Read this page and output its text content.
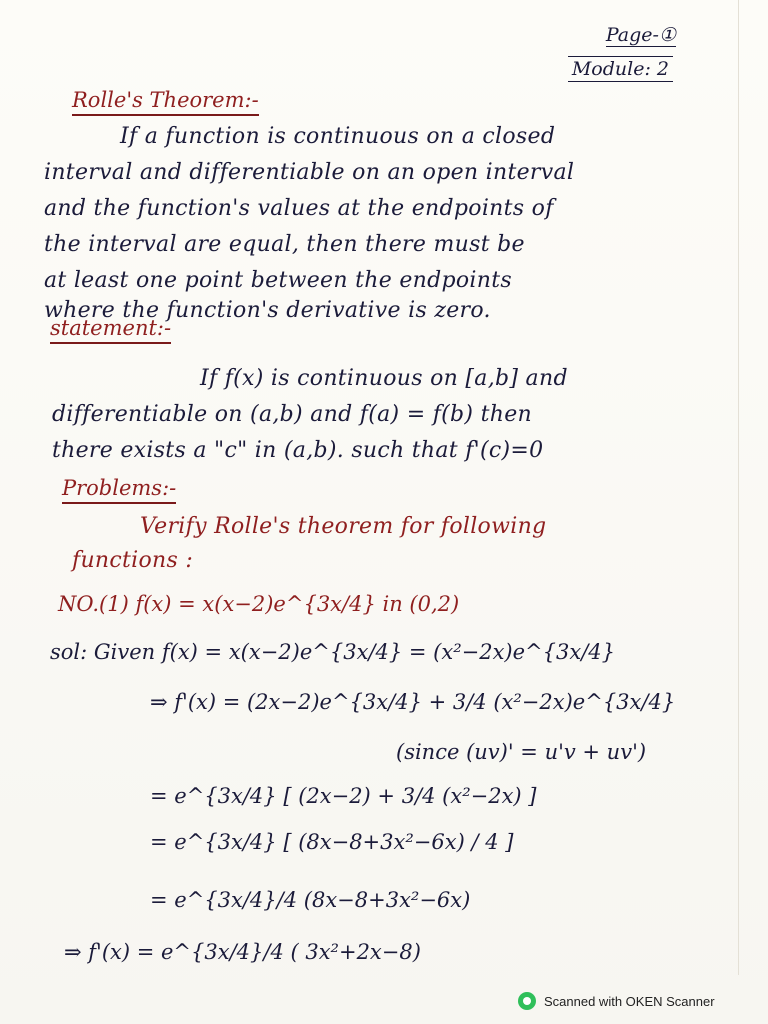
Page-①
Module: 2
Rolle's Theorem:-
If a function is continuous on a closed
interval and differentiable on an open interval
and the function's values at the endpoints of
the interval are equal, then there must be
at least one point between the endpoints
where the function's derivative is zero.
statement:-
If f(x) is continuous on [a,b] and
differentiable on (a,b) and f(a) = f(b) then
there exists a "c" in (a,b). such that f'(c)=0
Problems:-
Verify Rolle's theorem for following
functions :
NO.(1) f(x) = x(x−2)e^{3x/4} in (0,2)
sol: Given f(x) = x(x−2)e^{3x/4} = (x²−2x)e^{3x/4}
⇒ f'(x) = (2x−2)e^{3x/4} + 3/4 (x²−2x)e^{3x/4}
(since (uv)' = u'v + uv')
= e^{3x/4} [ (2x−2) + 3/4 (x²−2x) ]
= e^{3x/4} [ (8x−8+3x²−6x) / 4 ]
= e^{3x/4}/4 (8x−8+3x²−6x)
⇒ f'(x) = e^{3x/4}/4 ( 3x²+2x−8)
Scanned with OKEN Scanner
